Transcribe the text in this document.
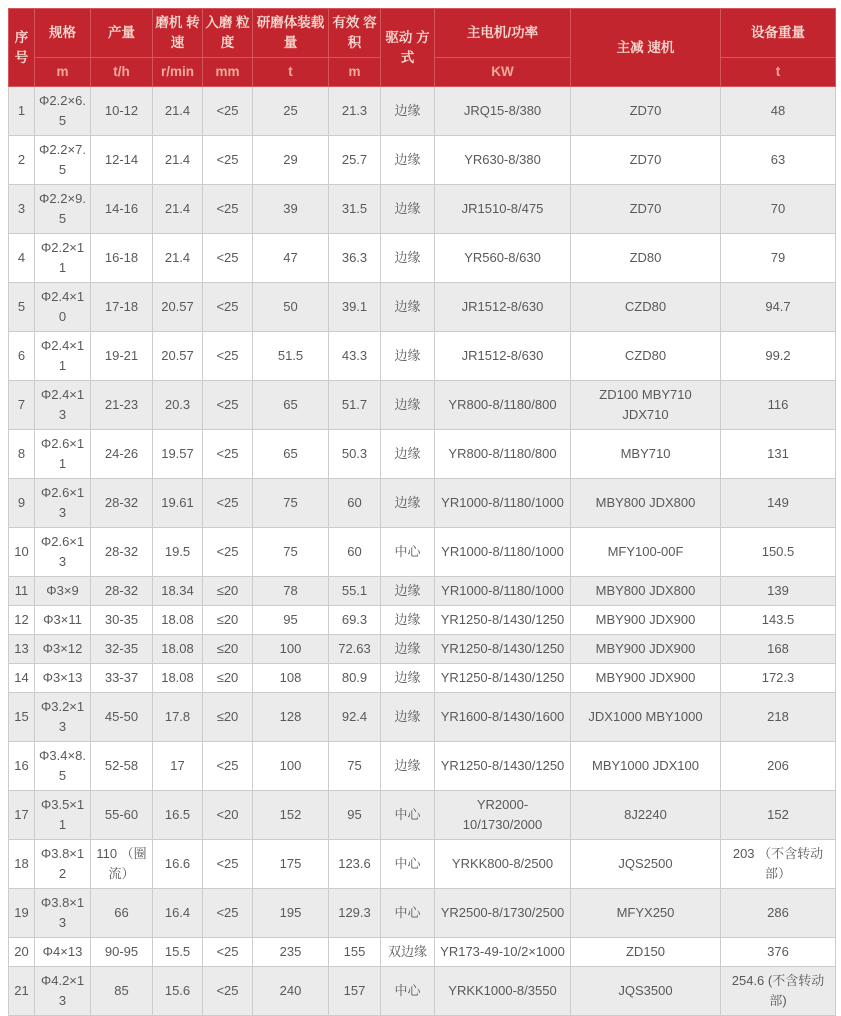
序号	规格	产量	磨机 转速	入磨 粒度	研磨体装载量	有效 容积	驱动 方式	主电机/功率	主减 速机	设备重量
	m	t/h	r/min	mm	t	m		KW		t
1	Φ2.2×6.5	10-12	21.4	<25	25	21.3	边缘	JRQ15-8/380	ZD70	48
2	Φ2.2×7.5	12-14	21.4	<25	29	25.7	边缘	YR630-8/380	ZD70	63
3	Φ2.2×9.5	14-16	21.4	<25	39	31.5	边缘	JR1510-8/475	ZD70	70
4	Φ2.2×11	16-18	21.4	<25	47	36.3	边缘	YR560-8/630	ZD80	79
5	Φ2.4×10	17-18	20.57	<25	50	39.1	边缘	JR1512-8/630	CZD80	94.7
6	Φ2.4×11	19-21	20.57	<25	51.5	43.3	边缘	JR1512-8/630	CZD80	99.2
7	Φ2.4×13	21-23	20.3	<25	65	51.7	边缘	YR800-8/1180/800	ZD100 MBY710 JDX710	116
8	Φ2.6×11	24-26	19.57	<25	65	50.3	边缘	YR800-8/1180/800	MBY710	131
9	Φ2.6×13	28-32	19.61	<25	75	60	边缘	YR1000-8/1180/1000	MBY800 JDX800	149
10	Φ2.6×13	28-32	19.5	<25	75	60	中心	YR1000-8/1180/1000	MFY100-00F	150.5
11	Φ3×9	28-32	18.34	≤20	78	55.1	边缘	YR1000-8/1180/1000	MBY800 JDX800	139
12	Φ3×11	30-35	18.08	≤20	95	69.3	边缘	YR1250-8/1430/1250	MBY900 JDX900	143.5
13	Φ3×12	32-35	18.08	≤20	100	72.63	边缘	YR1250-8/1430/1250	MBY900 JDX900	168
14	Φ3×13	33-37	18.08	≤20	108	80.9	边缘	YR1250-8/1430/1250	MBY900 JDX900	172.3
15	Φ3.2×13	45-50	17.8	≤20	128	92.4	边缘	YR1600-8/1430/1600	JDX1000 MBY1000	218
16	Φ3.4×8.5	52-58	17	<25	100	75	边缘	YR1250-8/1430/1250	MBY1000 JDX100	206
17	Φ3.5×11	55-60	16.5	<20	152	95	中心	YR2000-10/1730/2000	8J2240	152
18	Φ3.8×12	110 （圈流）	16.6	<25	175	123.6	中心	YRKK800-8/2500	JQS2500	203 （不含转动部）
19	Φ3.8×13	66	16.4	<25	195	129.3	中心	YR2500-8/1730/2500	MFYX250	286
20	Φ4×13	90-95	15.5	<25	235	155	双边缘	YR173-49-10/2×1000	ZD150	376
21	Φ4.2×13	85	15.6	<25	240	157	中心	YRKK1000-8/3550	JQS3500	254.6 (不含转动部)
